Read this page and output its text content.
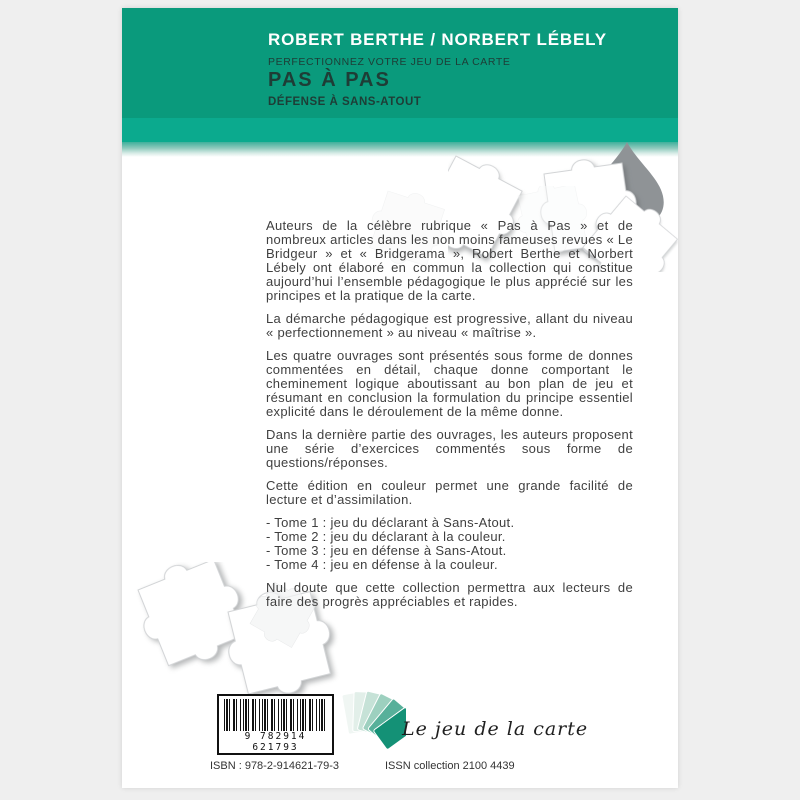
ROBERT BERTHE / NORBERT LÉBELY
PERFECTIONNEZ VOTRE JEU DE LA CARTE
PAS À PAS
DÉFENSE À SANS-ATOUT

Auteurs de la célèbre rubrique « Pas à Pas » et de nombreux articles dans les non moins fameuses revues « Le Bridgeur » et « Bridgerama », Robert Berthe et Norbert Lébely ont élaboré en commun la collection qui constitue aujourd’hui l’ensemble pédagogique le plus apprécié sur les principes et la pratique de la carte.

La démarche pédagogique est progressive, allant du niveau « perfectionnement » au niveau « maîtrise ».

Les quatre ouvrages sont présentés sous forme de donnes commentées en détail, chaque donne comportant le cheminement logique aboutissant au bon plan de jeu et résumant en conclusion la formulation du principe essentiel explicité dans le déroulement de la même donne.

Dans la dernière partie des ouvrages, les auteurs proposent une série d’exercices commentés sous forme de questions/réponses.

Cette édition en couleur permet une grande facilité de lecture et d’assimilation.

- Tome 1 : jeu du déclarant à Sans-Atout.
- Tome 2 : jeu du déclarant à la couleur.
- Tome 3 : jeu en défense à Sans-Atout.
- Tome 4 : jeu en défense à la couleur.

Nul doute que cette collection permettra aux lecteurs de faire des progrès appréciables et rapides.

9 782914 621793
ISBN : 978-2-914621-79-3
Le jeu de la carte
ISSN collection 2100 4439
